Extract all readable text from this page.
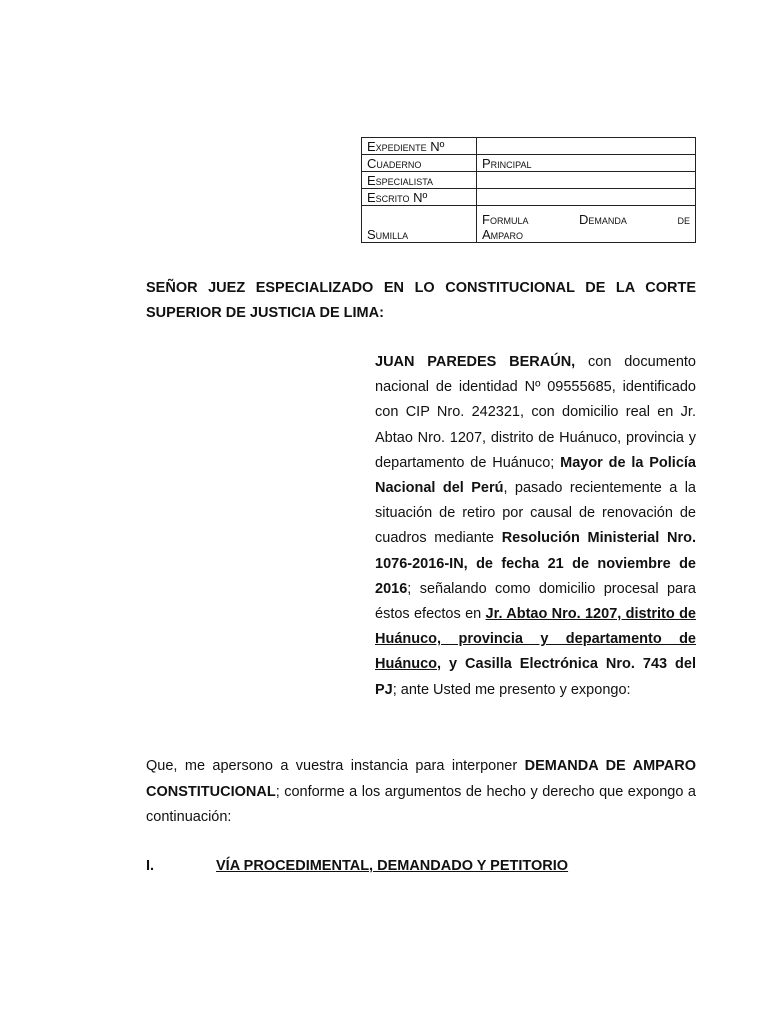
Expediente Nº	
Cuaderno	Principal
Especialista	
Escrito Nº	
Sumilla	Formula Demanda de
Amparo
SEÑOR JUEZ ESPECIALIZADO EN LO CONSTITUCIONAL DE LA CORTE SUPERIOR DE JUSTICIA DE LIMA:
JUAN PAREDES BERAÚN, con documento nacional de identidad Nº 09555685, identificado con CIP Nro. 242321, con domicilio real en Jr. Abtao Nro. 1207, distrito de Huánuco, provincia y departamento de Huánuco; Mayor de la Policía Nacional del Perú, pasado recientemente a la situación de retiro por causal de renovación de cuadros mediante Resolución Ministerial Nro. 1076-2016-IN, de fecha 21 de noviembre de 2016; señalando como domicilio procesal para éstos efectos en Jr. Abtao Nro. 1207, distrito de Huánuco, provincia y departamento de Huánuco, y Casilla Electrónica Nro. 743 del PJ; ante Usted me presento y expongo:
Que, me apersono a vuestra instancia para interponer DEMANDA DE AMPARO CONSTITUCIONAL; conforme a los argumentos de hecho y derecho que expongo a continuación:
I.	VÍA PROCEDIMENTAL, DEMANDADO Y PETITORIO
